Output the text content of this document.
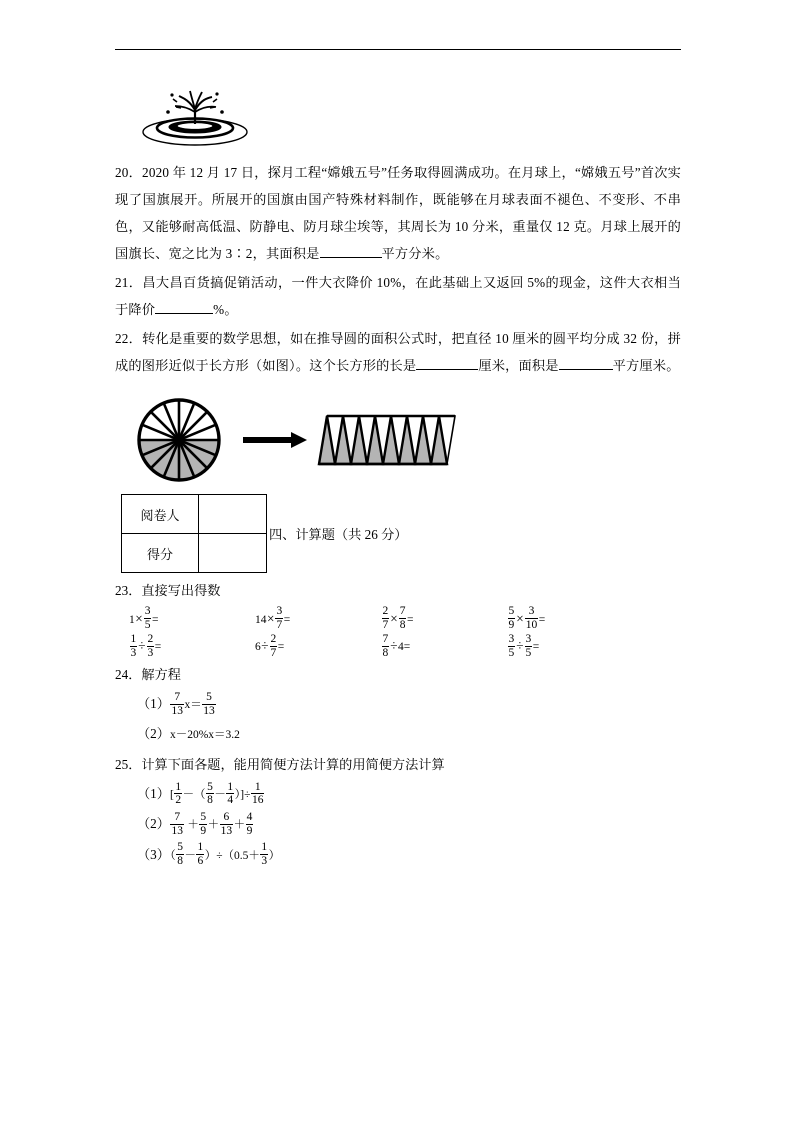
20．2020 年 12 月 17 日，探月工程“嫦娥五号”任务取得圆满成功。在月球上，“嫦娥五号”首次实现了国旗展开。所展开的国旗由国产特殊材料制作，既能够在月球表面不褪色、不变形、不串色，又能够耐高低温、防静电、防月球尘埃等，其周长为 10 分米，重量仅 12 克。月球上展开的国旗长、宽之比为 3∶2，其面积是	平方分米。

21．昌大昌百货搞促销活动，一件大衣降价 10%，在此基础上又返回 5%的现金，这件大衣相当于降价	%。

22．转化是重要的数学思想，如在推导圆的面积公式时，把直径 10 厘米的圆平均分成 32 份，拼成的图形近似于长方形（如图）。这个长方形的长是	厘米，面积是	平方厘米。

阅卷人	
得分	
四、计算题（共 26 分）
23．直接写出得数
$1\times \frac{3}{5}$ =	$14\times \frac{3}{7}$ =	$\frac{2}{7} \times \frac{7}{8}$ =	$\frac{5}{9} \times \frac{3}{10}$ =
$\frac{1}{3} \div \frac{2}{3}$ =	$6\div \frac{2}{7}$ =	$\frac{7}{8} \div 4=$	$\frac{3}{5} \div \frac{3}{5}$ =
24．解方程
$(1) \frac{7}{13} x= \frac{5}{13}$
（2）x－20%x＝3.2
25．计算下面各题，能用简便方法计算的用简便方法计算
$(1)[ \frac{1}{2}$ －（ $\frac{5}{8} - \frac{1}{4}$ ）]÷ $\frac{1}{16}$
$(2) \frac{7}{13} + \frac{5}{9} + \frac{6}{13} + \frac{4}{9}$
$(3)( \frac{5}{8} - \frac{1}{6} )\div(0.5+ \frac{1}{3}$ ）
